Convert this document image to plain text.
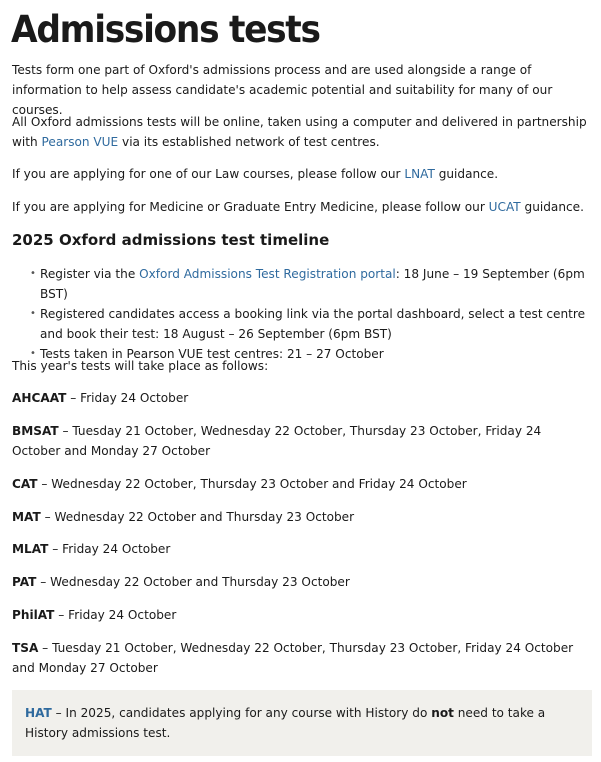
Admissions tests

Tests form one part of Oxford's admissions process and are used alongside a range of information to help assess candidate's academic potential and suitability for many of our courses.

All Oxford admissions tests will be online, taken using a computer and delivered in partnership with Pearson VUE via its established network of test centres.

If you are applying for one of our Law courses, please follow our LNAT guidance.

If you are applying for Medicine or Graduate Entry Medicine, please follow our UCAT guidance.

2025 Oxford admissions test timeline
• Register via the Oxford Admissions Test Registration portal: 18 June – 19 September (6pm BST)
• Registered candidates access a booking link via the portal dashboard, select a test centre and book their test: 18 August – 26 September (6pm BST)
• Tests taken in Pearson VUE test centres: 21 – 27 October

This year's tests will take place as follows:

AHCAAT – Friday 24 October

BMSAT – Tuesday 21 October, Wednesday 22 October, Thursday 23 October, Friday 24 October and Monday 27 October

CAT – Wednesday 22 October, Thursday 23 October and Friday 24 October

MAT – Wednesday 22 October and Thursday 23 October

MLAT – Friday 24 October

PAT – Wednesday 22 October and Thursday 23 October

PhilAT – Friday 24 October

TSA – Tuesday 21 October, Wednesday 22 October, Thursday 23 October, Friday 24 October and Monday 27 October

HAT – In 2025, candidates applying for any course with History do not need to take a History admissions test.
